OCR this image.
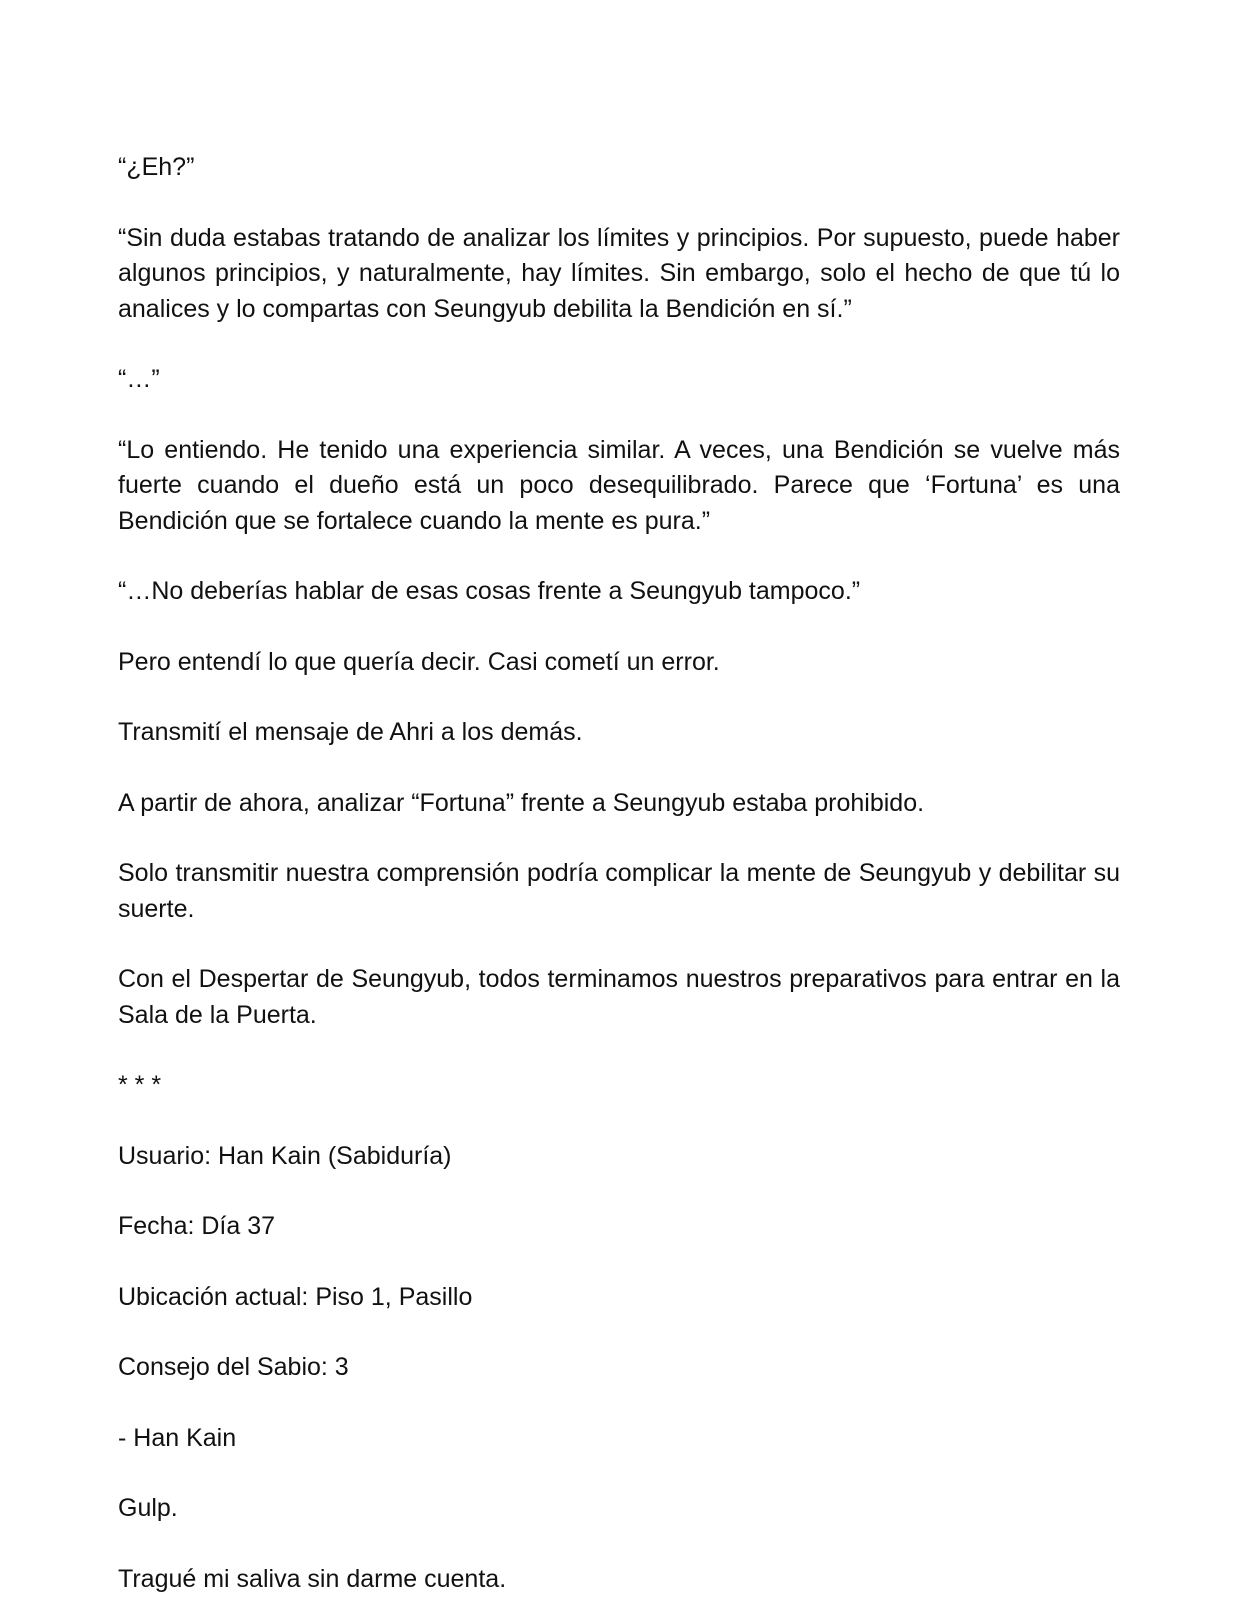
“¿Eh?”

“Sin duda estabas tratando de analizar los límites y principios. Por supuesto, puede haber algunos principios, y naturalmente, hay límites. Sin embargo, solo el hecho de que tú lo analices y lo compartas con Seungyub debilita la Bendición en sí.”

“…”

“Lo entiendo. He tenido una experiencia similar. A veces, una Bendición se vuelve más fuerte cuando el dueño está un poco desequilibrado. Parece que ‘Fortuna’ es una Bendición que se fortalece cuando la mente es pura.”

“…No deberías hablar de esas cosas frente a Seungyub tampoco.”

Pero entendí lo que quería decir. Casi cometí un error.

Transmití el mensaje de Ahri a los demás.

A partir de ahora, analizar “Fortuna” frente a Seungyub estaba prohibido.

Solo transmitir nuestra comprensión podría complicar la mente de Seungyub y debilitar su suerte.

Con el Despertar de Seungyub, todos terminamos nuestros preparativos para entrar en la Sala de la Puerta.

* * *

Usuario: Han Kain (Sabiduría)

Fecha: Día 37

Ubicación actual: Piso 1, Pasillo

Consejo del Sabio: 3

- Han Kain

Gulp.

Tragué mi saliva sin darme cuenta.
